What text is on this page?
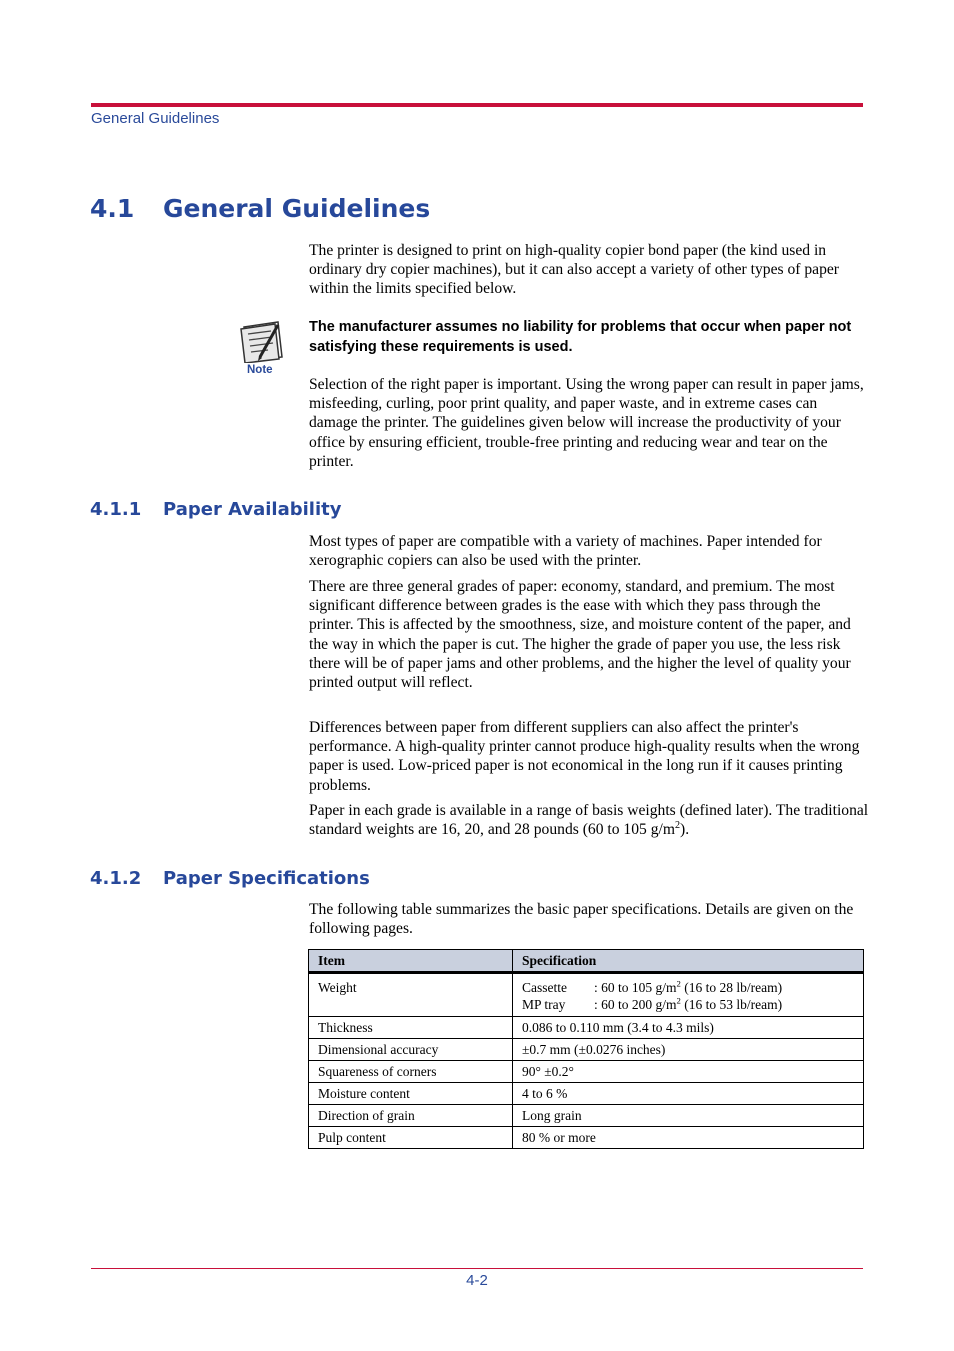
General Guidelines
4.1 General Guidelines

The printer is designed to print on high-quality copier bond paper (the kind used in ordinary dry copier machines), but it can also accept a variety of other types of paper within the limits specified below.

Note

The manufacturer assumes no liability for problems that occur when paper not satisfying these requirements is used.

Selection of the right paper is important. Using the wrong paper can result in paper jams, misfeeding, curling, poor print quality, and paper waste, and in extreme cases can damage the printer. The guidelines given below will increase the productivity of your office by ensuring efficient, trouble-free printing and reducing wear and tear on the printer.

4.1.1 Paper Availability

Most types of paper are compatible with a variety of machines. Paper intended for xerographic copiers can also be used with the printer.

There are three general grades of paper: economy, standard, and premium. The most significant difference between grades is the ease with which they pass through the printer. This is affected by the smoothness, size, and moisture content of the paper, and the way in which the paper is cut. The higher the grade of paper you use, the less risk there will be of paper jams and other problems, and the higher the level of quality your printed output will reflect.

Differences between paper from different suppliers can also affect the printer's performance. A high-quality printer cannot produce high-quality results when the wrong paper is used. Low-priced paper is not economical in the long run if it causes printing problems.

Paper in each grade is available in a range of basis weights (defined later). The traditional standard weights are 16, 20, and 28 pounds (60 to 105 $g/m^2$).

4.1.2 Paper Specifications

The following table summarizes the basic paper specifications. Details are given on the following pages.

Item	Specification
Weight	Cassette : 60 to 105 $g/m^2$ (16 to 28 lb/ream)
MP tray : 60 to 200 $g/m^2$ (16 to 53 lb/ream)

Thickness	0.086 to 0.110 mm (3.4 to 4.3 mils)
Dimensional accuracy	±0.7 mm (±0.0276 inches)
Squareness of corners	90° ±0.2°
Moisture content	4 to 6 %
Direction of grain	Long grain
Pulp content	80 % or more
4-2
